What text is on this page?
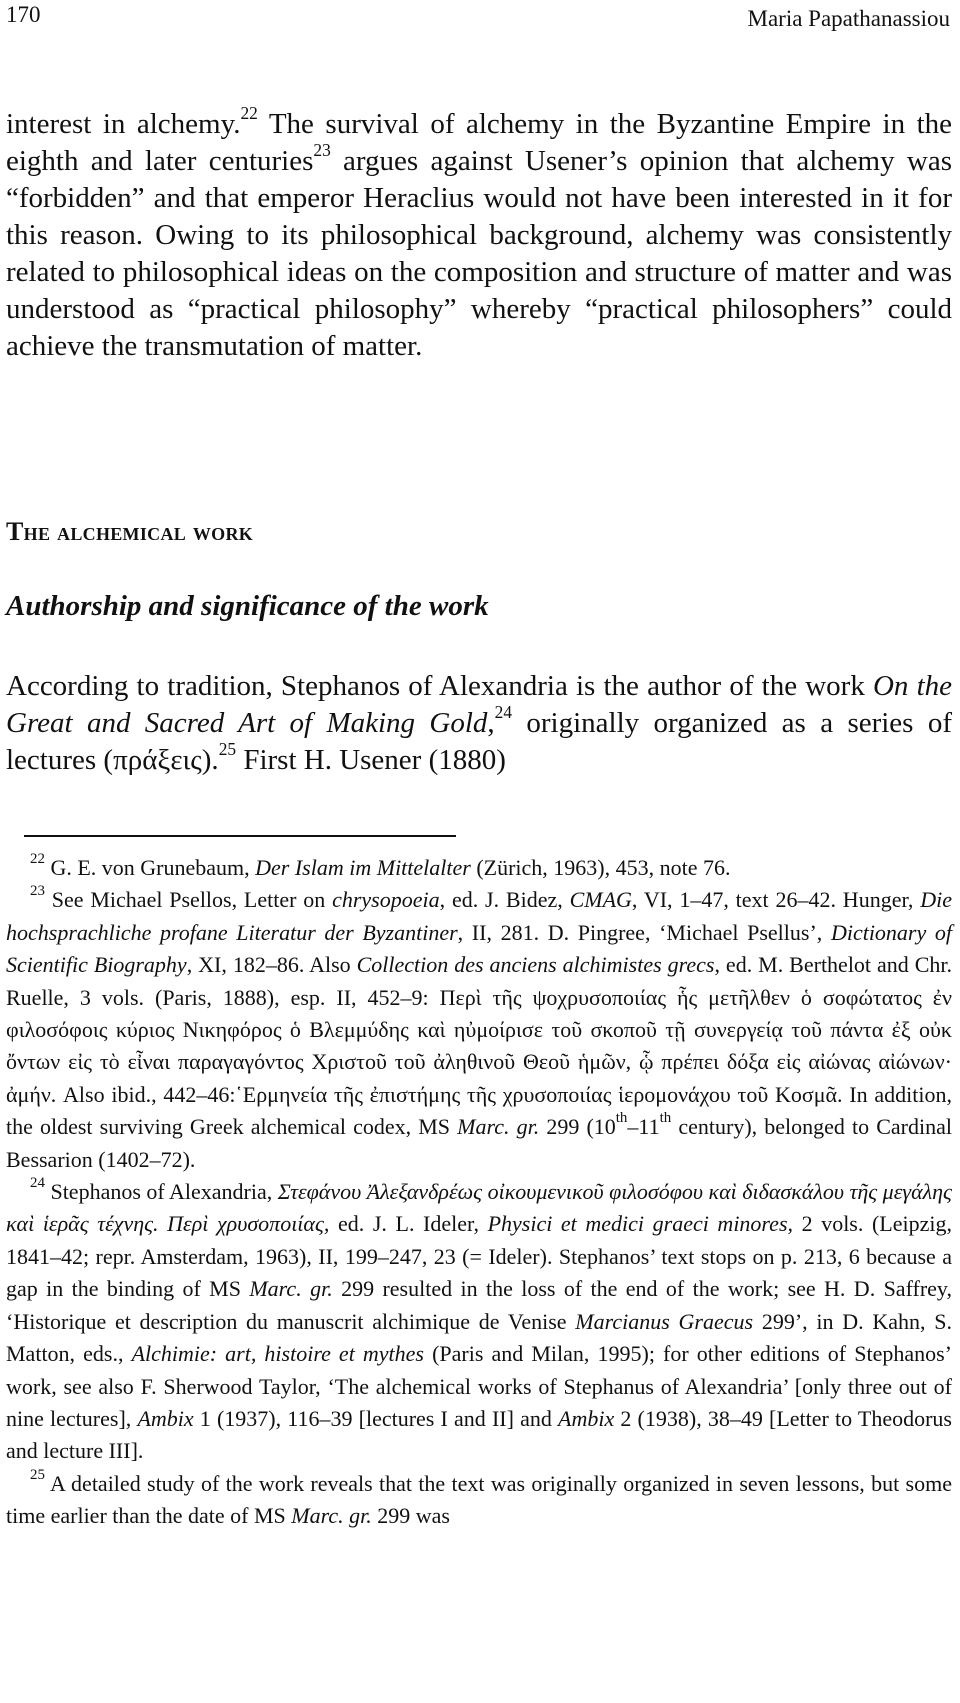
170	Maria Papathanassiou

interest in alchemy.$^{22}$ The survival of alchemy in the Byzantine Empire in the eighth and later centuries$^{23}$ argues against Usener’s opinion that alchemy was “forbidden” and that emperor Heraclius would not have been interested in it for this reason. Owing to its philosophical background, alchemy was consistently related to philosophical ideas on the composition and structure of matter and was understood as “practical philosophy” whereby “practical philosophers” could achieve the transmutation of matter.

The alchemical work
Authorship and significance of the work

According to tradition, Stephanos of Alexandria is the author of the work On the Great and Sacred Art of Making Gold,$^{24}$ originally organized as a series of lectures (πράξεις).$^{25}$ First H. Usener (1880)

$^{22}$ G. E. von Grunebaum, Der Islam im Mittelalter (Zürich, 1963), 453, note 76.

$^{23}$ See Michael Psellos, Letter on chrysopoeia, ed. J. Bidez, CMAG, VI, 1–47, text 26–42. Hunger, Die hochsprachliche profane Literatur der Byzantiner, II, 281. D. Pingree, ‘Michael Psellus’, Dictionary of Scientific Biography, XI, 182–86. Also Collection des anciens alchimistes grecs, ed. M. Berthelot and Chr. Ruelle, 3 vols. (Paris, 1888), esp. II, 452–9: Περὶ τῆς ψοχρυσοποιίας ἧς μετῆλθεν ὁ σοφώτατος ἐν φιλοσόφοις κύριος Νικηφόρος ὁ Βλεμμύδης καὶ ηὐμοίρισε τοῦ σκοποῦ τῇ συνεργείᾳ τοῦ πάντα ἐξ οὐκ ὄντων εἰς τὸ εἶναι παραγαγόντος Χριστοῦ τοῦ ἀληθινοῦ Θεοῦ ἡμῶν, ᾧ πρέπει δόξα εἰς αἰώνας αἰώνων· ἀμήν. Also ibid., 442–46:῾Ερμηνεία τῆς ἐπιστήμης τῆς χρυσοποιίας ἱερομονάχου τοῦ Κοσμᾶ. In addition, the oldest surviving Greek alchemical codex, MS Marc. gr. 299 (10th–11th century), belonged to Cardinal Bessarion (1402–72).

$^{24}$ Stephanos of Alexandria, Στεφάνου Ἀλεξανδρέως οἰκουμενικοῦ φιλοσόφου καὶ διδασκάλου τῆς μεγάλης καὶ ἱερᾶς τέχνης. Περὶ χρυσοποιίας, ed. J. L. Ideler, Physici et medici graeci minores, 2 vols. (Leipzig, 1841–42; repr. Amsterdam, 1963), II, 199–247, 23 (= Ideler). Stephanos’ text stops on p. 213, 6 because a gap in the binding of MS Marc. gr. 299 resulted in the loss of the end of the work; see H. D. Saffrey, ‘Historique et description du manuscrit alchimique de Venise Marcianus Graecus 299’, in D. Kahn, S. Matton, eds., Alchimie: art, histoire et mythes (Paris and Milan, 1995); for other editions of Stephanos’ work, see also F. Sherwood Taylor, ‘The alchemical works of Stephanus of Alexandria’ [only three out of nine lectures], Ambix 1 (1937), 116–39 [lectures I and II] and Ambix 2 (1938), 38–49 [Letter to Theodorus and lecture III].

$^{25}$ A detailed study of the work reveals that the text was originally organized in seven lessons, but some time earlier than the date of MS Marc. gr. 299 was
